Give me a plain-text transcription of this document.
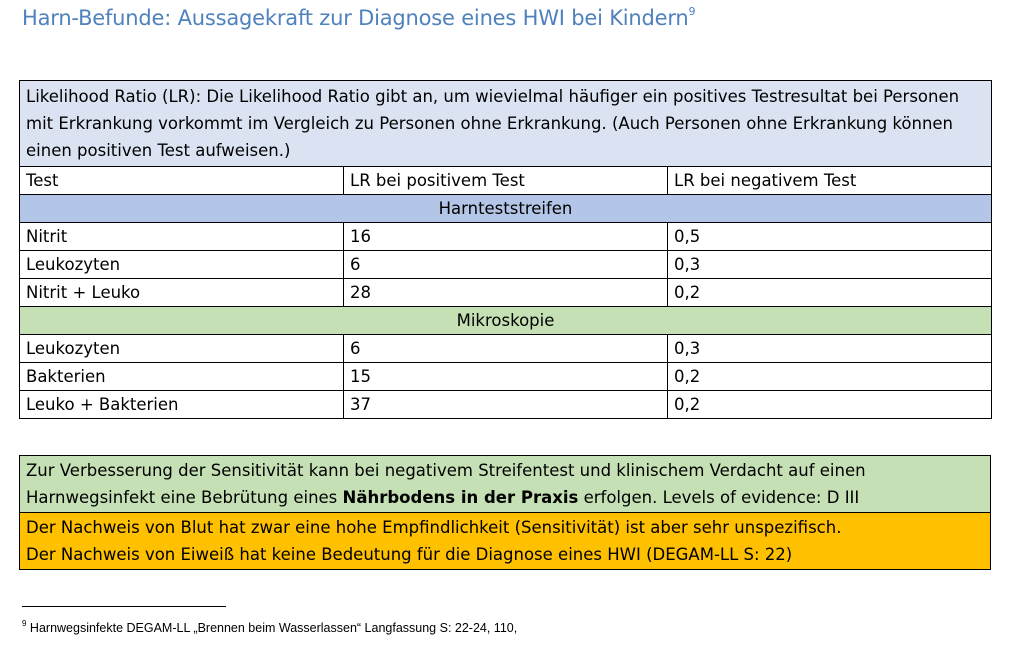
Harn-Befunde: Aussagekraft zur Diagnose eines HWI bei Kindern$^9$
Likelihood Ratio (LR): Die Likelihood Ratio gibt an, um wievielmal häufiger ein positives Testresultat bei Personen mit Erkrankung vorkommt im Vergleich zu Personen ohne Erkrankung. (Auch Personen ohne Erkrankung können einen positiven Test aufweisen.)		
Test	LR bei positivem Test	LR bei negativem Test
Harnteststreifen		
Nitrit	16	0,5
Leukozyten	6	0,3
Nitrit + Leuko	28	0,2
Mikroskopie		
Leukozyten	6	0,3
Bakterien	15	0,2
Leuko + Bakterien	37	0,2
Zur Verbesserung der Sensitivität kann bei negativem Streifentest und klinischem Verdacht auf einen Harnwegsinfekt eine Bebrütung eines Nährbodens in der Praxis erfolgen. Levels of evidence: D III

Der Nachweis von Blut hat zwar eine hohe Empfindlichkeit (Sensitivität) ist aber sehr unspezifisch.
Der Nachweis von Eiweiß hat keine Bedeutung für die Diagnose eines HWI (DEGAM-LL S: 22)
$^9$ Harnwegsinfekte DEGAM-LL „Brennen beim Wasserlassen“ Langfassung S: 22-24, 110,
